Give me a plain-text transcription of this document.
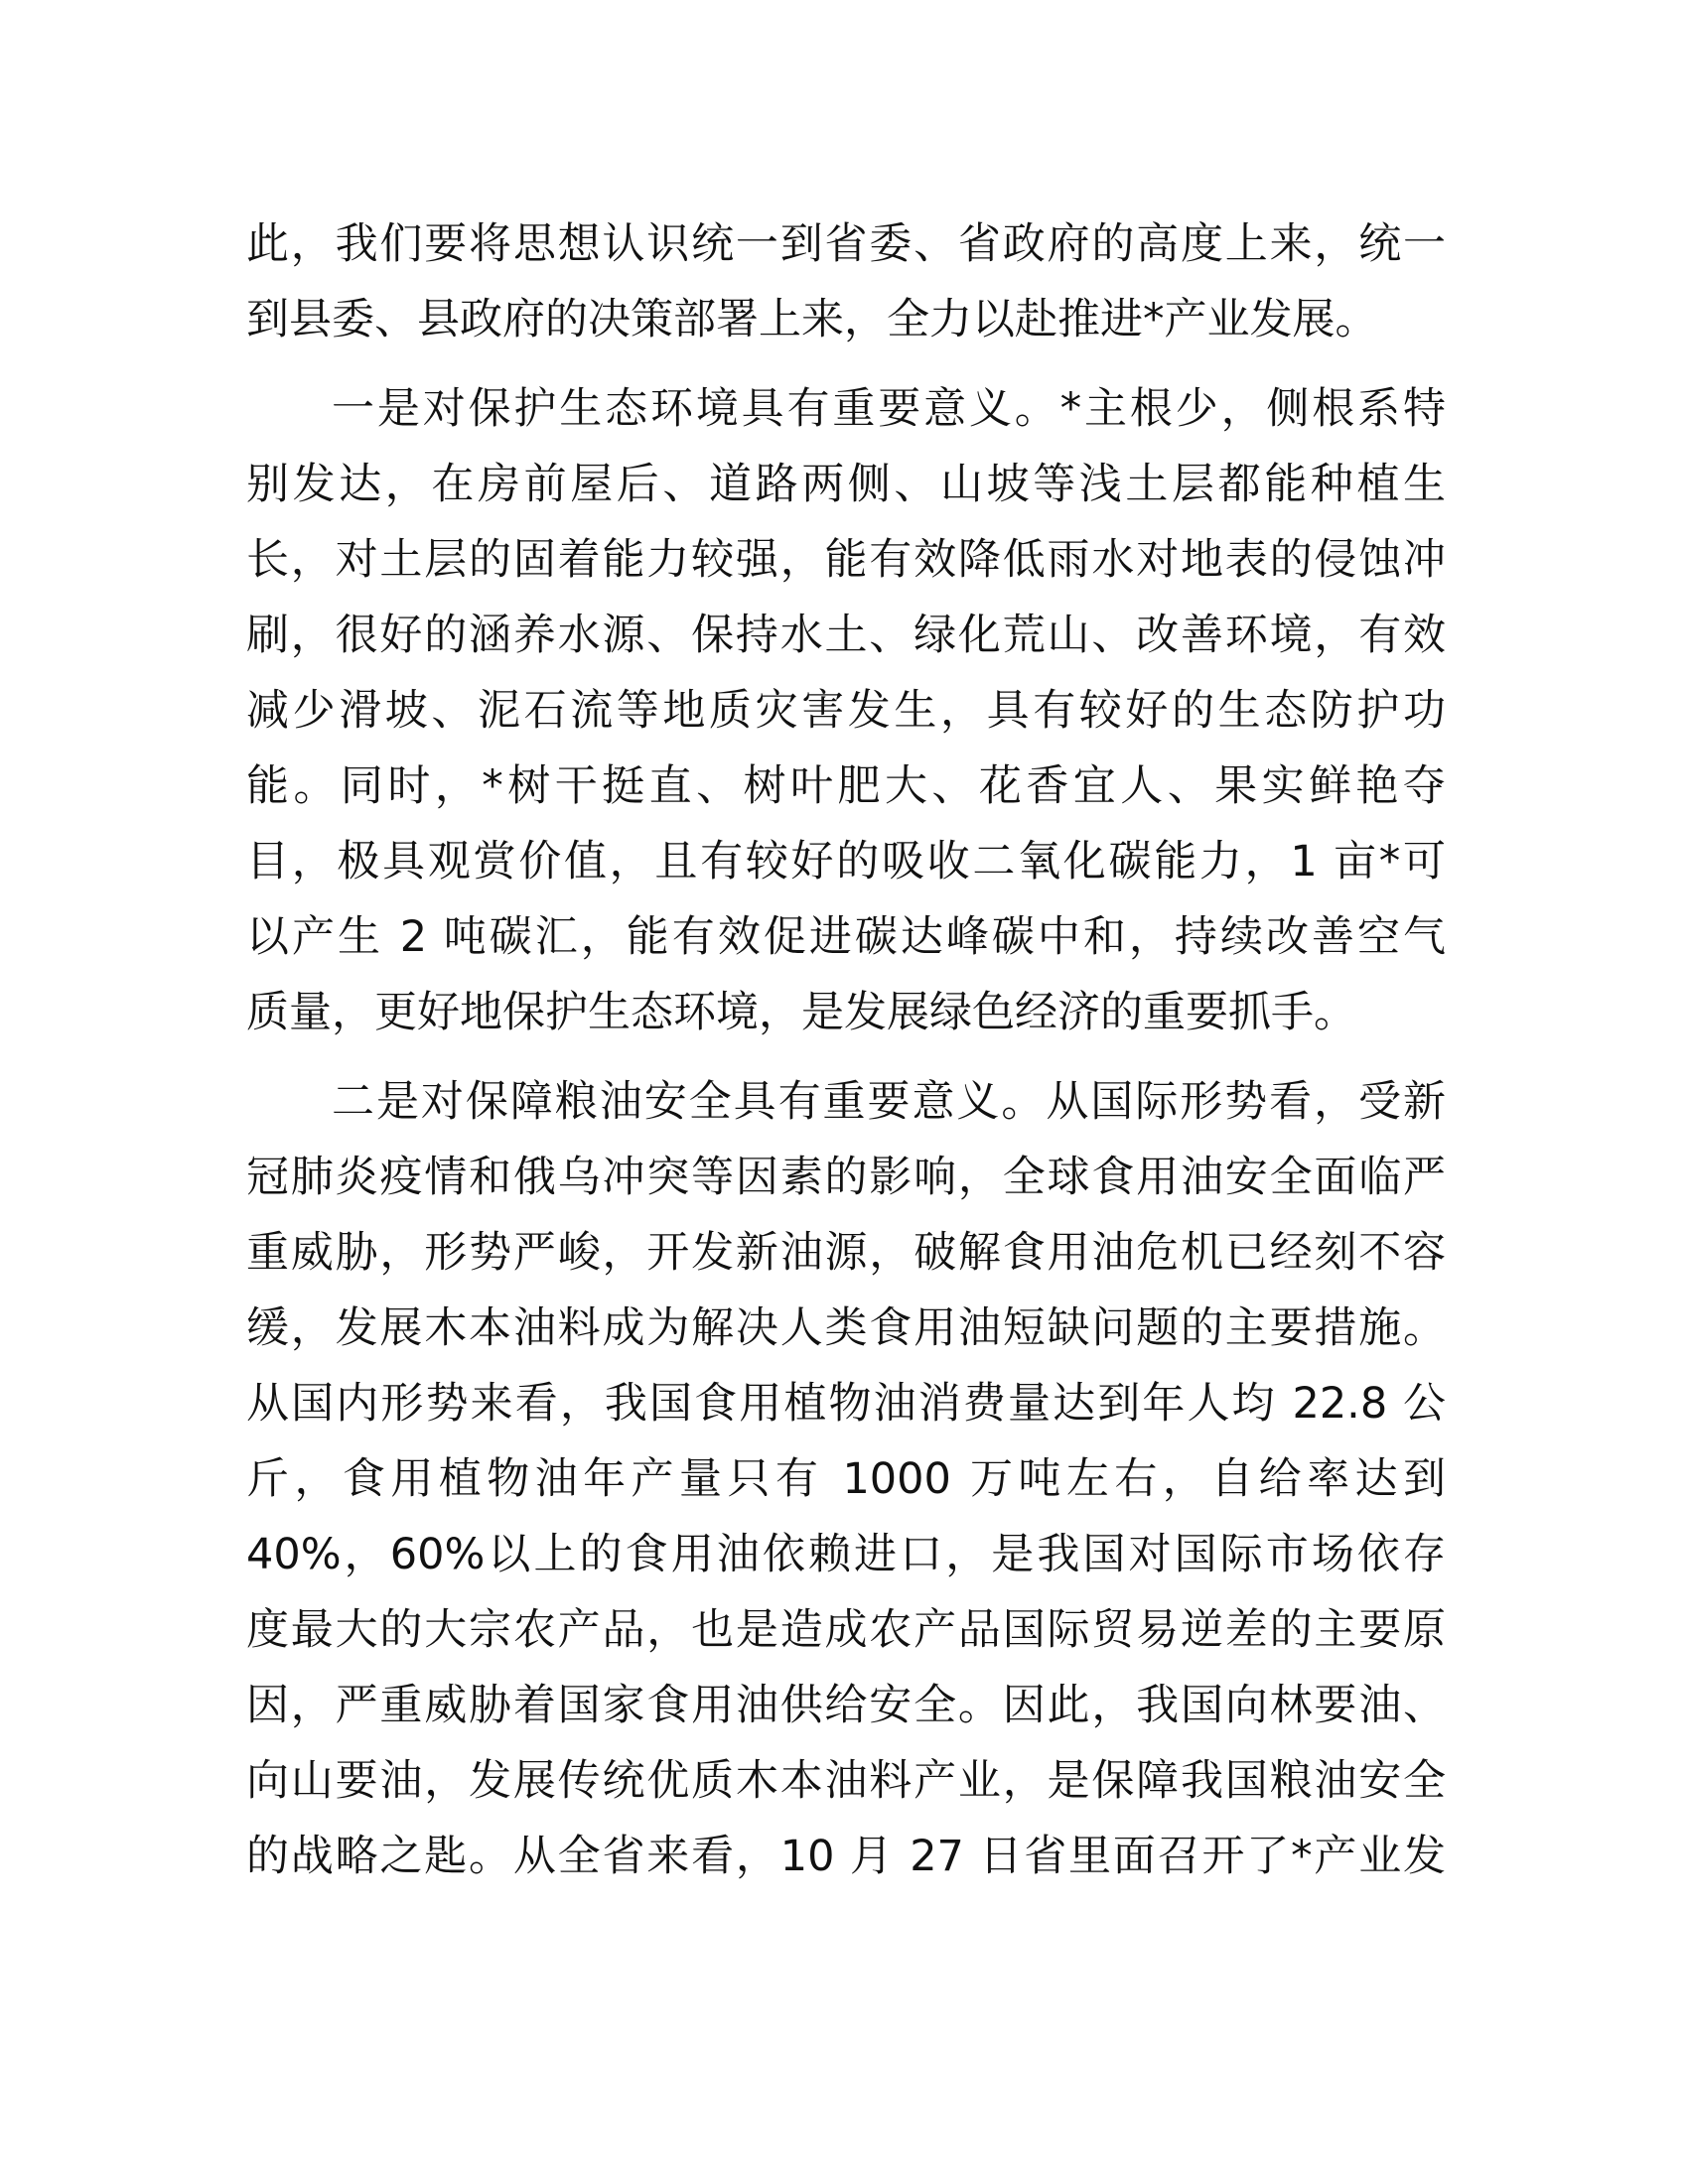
此，我们要将思想认识统一到省委、省政府的高度上来，统一
到县委、县政府的决策部署上来，全力以赴推进*产业发展。
一是对保护生态环境具有重要意义。*主根少，侧根系特
别发达，在房前屋后、道路两侧、山坡等浅土层都能种植生
长，对土层的固着能力较强，能有效降低雨水对地表的侵蚀冲
刷，很好的涵养水源、保持水土、绿化荒山、改善环境，有效
减少滑坡、泥石流等地质灾害发生，具有较好的生态防护功
能。同时，*树干挺直、树叶肥大、花香宜人、果实鲜艳夺
目，极具观赏价值，且有较好的吸收二氧化碳能力，1 亩*可
以产生 2 吨碳汇，能有效促进碳达峰碳中和，持续改善空气
质量，更好地保护生态环境，是发展绿色经济的重要抓手。
二是对保障粮油安全具有重要意义。从国际形势看，受新
冠肺炎疫情和俄乌冲突等因素的影响，全球食用油安全面临严
重威胁，形势严峻，开发新油源，破解食用油危机已经刻不容
缓，发展木本油料成为解决人类食用油短缺问题的主要措施。
从国内形势来看，我国食用植物油消费量达到年人均 22.8 公
斤，食用植物油年产量只有 1000 万吨左右，自给率达到
40%，60%以上的食用油依赖进口，是我国对国际市场依存
度最大的大宗农产品，也是造成农产品国际贸易逆差的主要原
因，严重威胁着国家食用油供给安全。因此，我国向林要油、
向山要油，发展传统优质木本油料产业，是保障我国粮油安全
的战略之匙。从全省来看，10 月 27 日省里面召开了*产业发
